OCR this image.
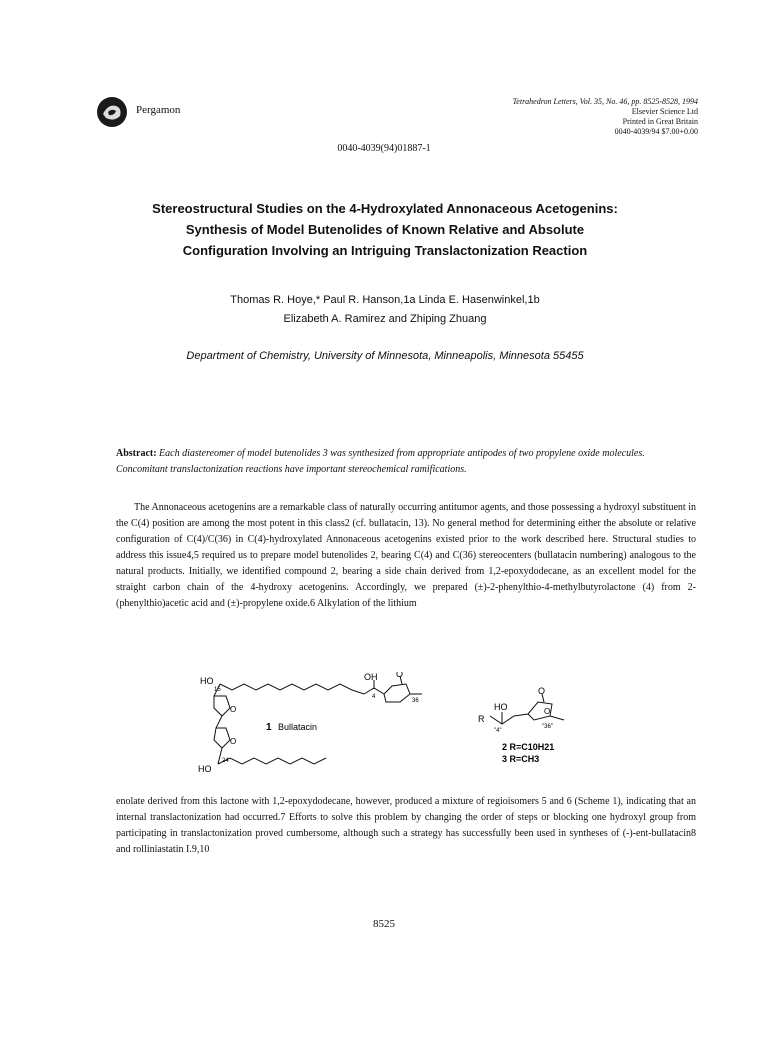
Pergamon
Tetrahedron Letters, Vol. 35, No. 46, pp. 8525-8528, 1994
Elsevier Science Ltd
Printed in Great Britain
0040-4039/94 $7.00+0.00
0040-4039(94)01887-1
Stereostructural Studies on the 4-Hydroxylated Annonaceous Acetogenins:
Synthesis of Model Butenolides of Known Relative and Absolute
Configuration Involving an Intriguing Translactonization Reaction
Thomas R. Hoye,* Paul R. Hanson,1a Linda E. Hasenwinkel,1b
Elizabeth A. Ramirez and Zhiping Zhuang
Department of Chemistry, University of Minnesota, Minneapolis, Minnesota 55455
Abstract: Each diastereomer of model butenolides 3 was synthesized from appropriate antipodes of two propylene oxide molecules. Concomitant translactonization reactions have important stereochemical ramifications.
The Annonaceous acetogenins are a remarkable class of naturally occurring antitumor agents, and those possessing a hydroxyl substituent in the C(4) position are among the most potent in this class2 (cf. bullatacin, 13). No general method for determining either the absolute or relative configuration of C(4)/C(36) in C(4)-hydroxylated Annonaceous acetogenins existed prior to the work described here. Structural studies to address this issue4,5 required us to prepare model butenolides 2, bearing C(4) and C(36) stereocenters (bullatacin numbering) analogous to the natural products. Initially, we identified compound 2, bearing a side chain derived from 1,2-epoxydodecane, as an excellent model for the straight carbon chain of the 4-hydroxy acetogenins. Accordingly, we prepared (±)-2-phenylthio-4-methylbutyrolactone (4) from 2-(phenylthio)acetic acid and (±)-propylene oxide.6 Alkylation of the lithium
HO
15
OH O
4
36
O
O
24
HO
1 Bullatacin
HO
O
O
R
"4"
"36"
2 R=C10H21
3 R=CH3
enolate derived from this lactone with 1,2-epoxydodecane, however, produced a mixture of regioisomers 5 and 6 (Scheme 1), indicating that an internal translactonization had occurred.7 Efforts to solve this problem by changing the order of steps or blocking one hydroxyl group from participating in translactonization proved cumbersome, although such a strategy has successfully been used in syntheses of (-)-ent-bullatacin8 and rolliniastatin I.9,10
8525
